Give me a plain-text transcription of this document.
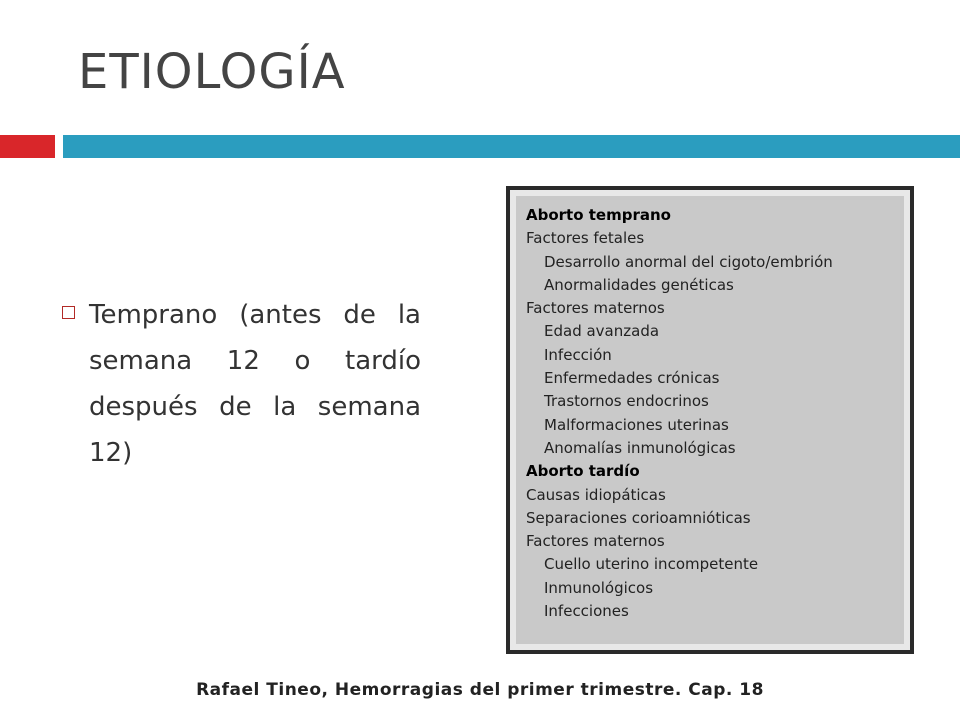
ETIOLOGÍA
Temprano (antes de la semana 12 o tardío después de la semana 12)
Aborto temprano
Factores fetales
Desarrollo anormal del cigoto/embrión
Anormalidades genéticas
Factores maternos
Edad avanzada
Infección
Enfermedades crónicas
Trastornos endocrinos
Malformaciones uterinas
Anomalías inmunológicas
Aborto tardío
Causas idiopáticas
Separaciones corioamnióticas
Factores maternos
Cuello uterino incompetente
Inmunológicos
Infecciones
Rafael Tineo, Hemorragias del primer trimestre. Cap. 18
